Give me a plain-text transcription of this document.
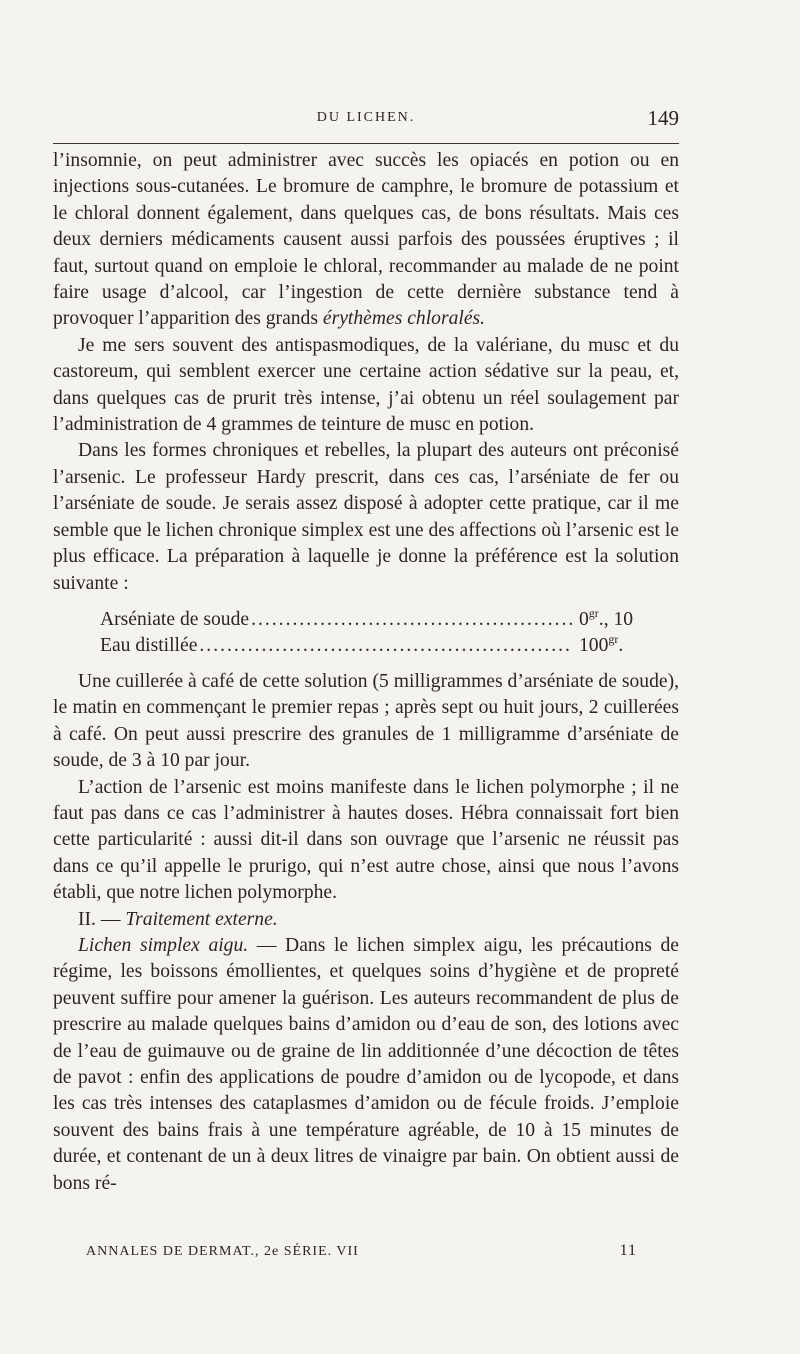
DU LICHEN.	149

l’insomnie, on peut administrer avec succès les opiacés en potion ou en injections sous-cutanées. Le bromure de camphre, le bromure de potassium et le chloral donnent également, dans quelques cas, de bons résultats. Mais ces deux derniers médicaments causent aussi parfois des poussées éruptives ; il faut, surtout quand on emploie le chloral, recommander au malade de ne point faire usage d’alcool, car l’ingestion de cette dernière substance tend à provoquer l’apparition des grands érythèmes chloralés.

Je me sers souvent des antispasmodiques, de la valériane, du musc et du castoreum, qui semblent exercer une certaine action sédative sur la peau, et, dans quelques cas de prurit très intense, j’ai obtenu un réel soulagement par l’administration de 4 grammes de teinture de musc en potion.

Dans les formes chroniques et rebelles, la plupart des auteurs ont préconisé l’arsenic. Le professeur Hardy prescrit, dans ces cas, l’arséniate de fer ou l’arséniate de soude. Je serais assez disposé à adopter cette pratique, car il me semble que le lichen chronique simplex est une des affections où l’arsenic est le plus efficace. La préparation à laquelle je donne la préférence est la solution suivante :

Arséniate de soude .....	$0^{gr}$., 10
Eau distillée .....	$100^{gr}$.

Une cuillerée à café de cette solution (5 milligrammes d’arséniate de soude), le matin en commençant le premier repas ; après sept ou huit jours, 2 cuillerées à café. On peut aussi prescrire des granules de 1 milligramme d’arséniate de soude, de 3 à 10 par jour.

L’action de l’arsenic est moins manifeste dans le lichen polymorphe ; il ne faut pas dans ce cas l’administrer à hautes doses. Hébra connaissait fort bien cette particularité : aussi dit-il dans son ouvrage que l’arsenic ne réussit pas dans ce qu’il appelle le prurigo, qui n’est autre chose, ainsi que nous l’avons établi, que notre lichen polymorphe.

II. — Traitement externe.

Lichen simplex aigu. — Dans le lichen simplex aigu, les précautions de régime, les boissons émollientes, et quelques soins d’hygiène et de propreté peuvent suffire pour amener la guérison. Les auteurs recommandent de plus de prescrire au malade quelques bains d’amidon ou d’eau de son, des lotions avec de l’eau de guimauve ou de graine de lin additionnée d’une décoction de têtes de pavot : enfin des applications de poudre d’amidon ou de lycopode, et dans les cas très intenses des cataplasmes d’amidon ou de fécule froids. J’emploie souvent des bains frais à une température agréable, de 10 à 15 minutes de durée, et contenant de un à deux litres de vinaigre par bain. On obtient aussi de bons ré-

ANNALES DE DERMAT., 2e SÉRIE. VII	11
